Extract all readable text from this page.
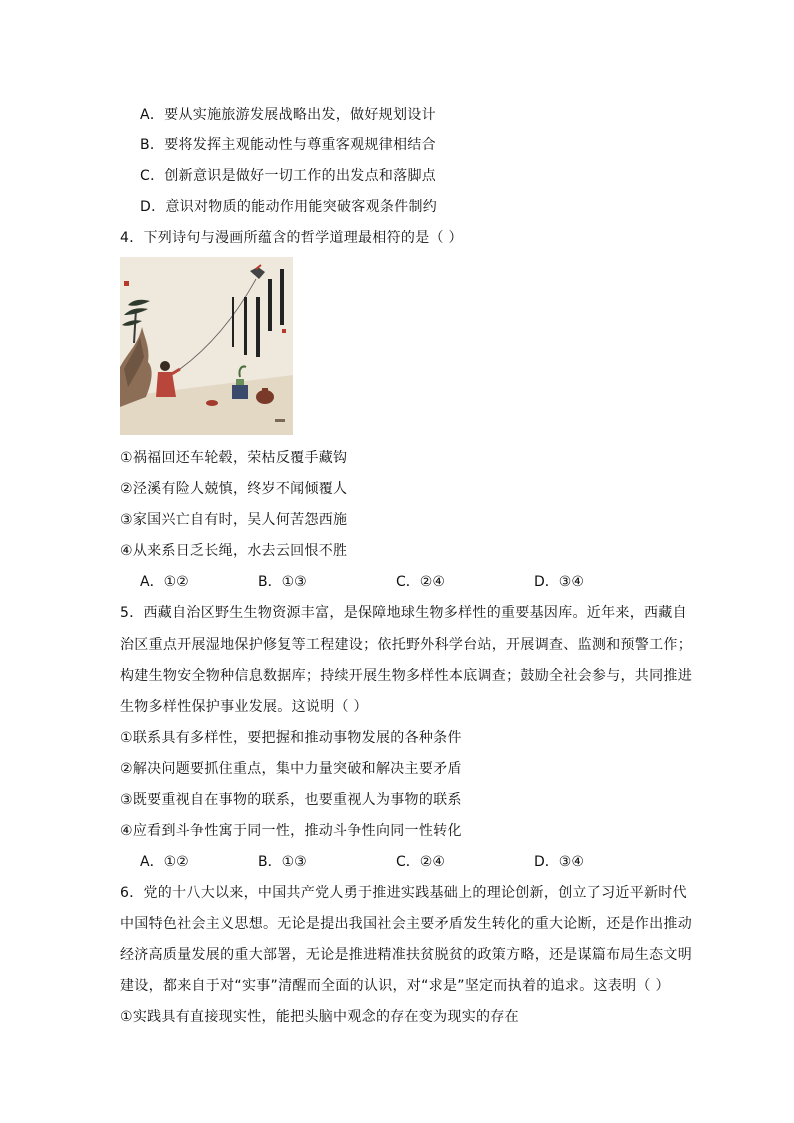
A．要从实施旅游发展战略出发，做好规划设计
B．要将发挥主观能动性与尊重客观规律相结合
C．创新意识是做好一切工作的出发点和落脚点
D．意识对物质的能动作用能突破客观条件制约
4．下列诗句与漫画所蕴含的哲学道理最相符的是（ ）
①祸福回还车轮毂，荣枯反覆手藏钩
②泾溪有险人兢慎，终岁不闻倾覆人
③家国兴亡自有时，吴人何苦怨西施
④从来系日乏长绳，水去云回恨不胜
A．①②	B．①③	C．②④	D．③④
5．西藏自治区野生生物资源丰富，是保障地球生物多样性的重要基因库。近年来，西藏自
治区重点开展湿地保护修复等工程建设；依托野外科学台站，开展调查、监测和预警工作；
构建生物安全物种信息数据库；持续开展生物多样性本底调查；鼓励全社会参与，共同推进
生物多样性保护事业发展。这说明（ ）
①联系具有多样性，要把握和推动事物发展的各种条件
②解决问题要抓住重点，集中力量突破和解决主要矛盾
③既要重视自在事物的联系，也要重视人为事物的联系
④应看到斗争性寓于同一性，推动斗争性向同一性转化
A．①②	B．①③	C．②④	D．③④
6．党的十八大以来，中国共产党人勇于推进实践基础上的理论创新，创立了习近平新时代
中国特色社会主义思想。无论是提出我国社会主要矛盾发生转化的重大论断，还是作出推动
经济高质量发展的重大部署，无论是推进精准扶贫脱贫的政策方略，还是谋篇布局生态文明
建设，都来自于对“实事”清醒而全面的认识，对“求是”坚定而执着的追求。这表明（ ）
①实践具有直接现实性，能把头脑中观念的存在变为现实的存在
